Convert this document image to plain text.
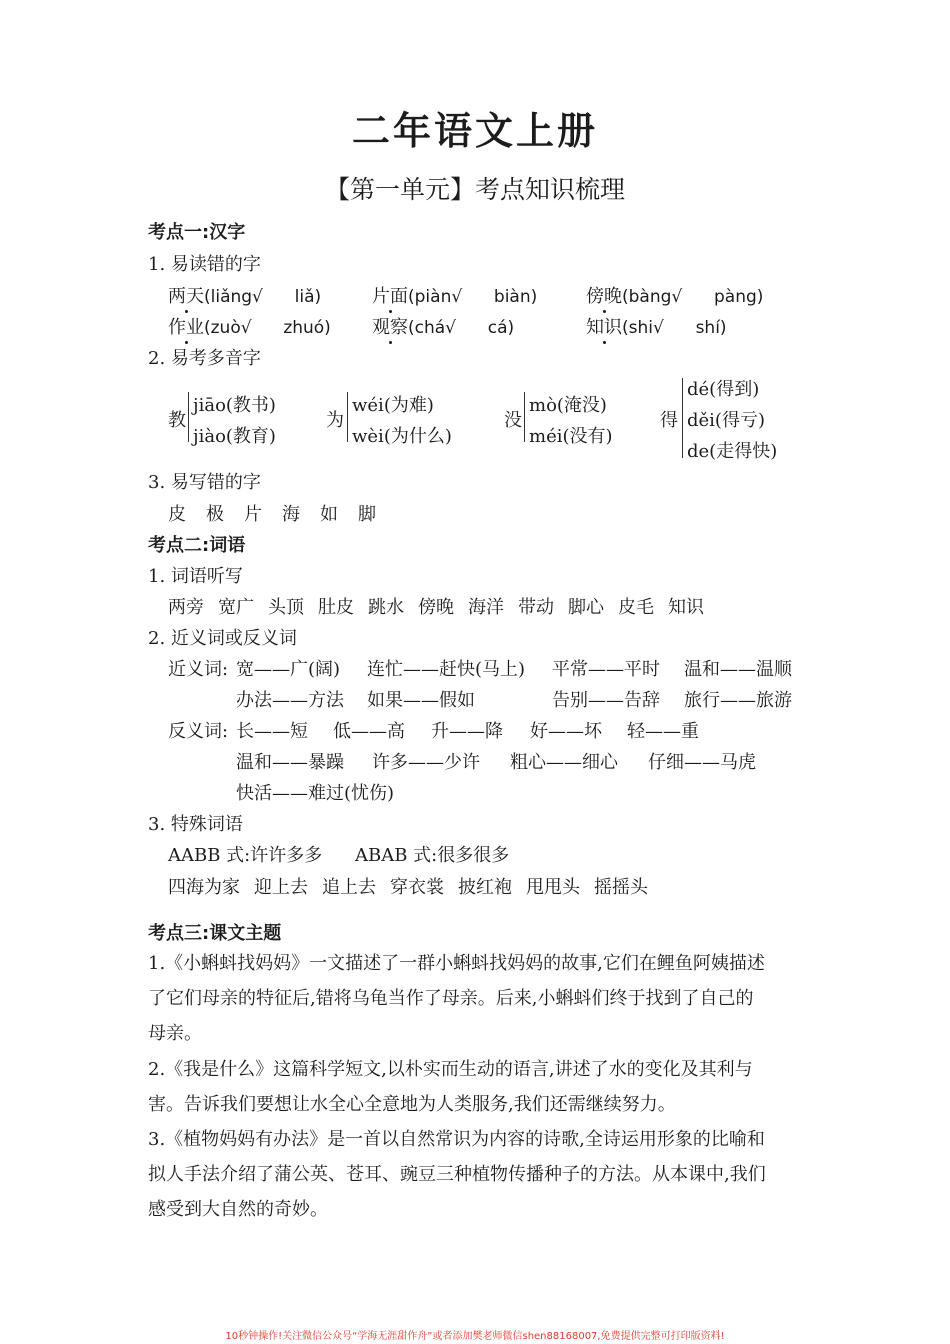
二年语文上册
【第一单元】考点知识梳理
考点一:汉字
1. 易读错的字
两天(liǎng√ liǎ)	片面(piàn√ biàn)	傍晚(bàng√ pàng)
作业(zuò√ zhuó) 观察(chá√ cá)	知识(shi√ shí)
2. 易考多音字
教
jiāo(教书)
jiào(教育)
为
wéi(为难)
wèi(为什么)
没
mò(淹没)
méi(没有)
得
dé(得到)
děi(得亏)
de(走得快)
3. 易写错的字
皮 极 片 海 如 脚
考点二:词语
1. 词语听写
两旁 宽广 头顶 肚皮 跳水 傍晚 海洋 带动 脚心 皮毛 知识
2. 近义词或反义词
近义词: 宽——广(阔) 连忙——赶快(马上) 平常——平时 温和——温顺
办法——方法 如果——假如	告别——告辞 旅行——旅游
反义词: 长——短 低——高 升——降 好——坏 轻——重
温和——暴躁 许多——少许 粗心——细心 仔细——马虎
快活——难过(忧伤)
3. 特殊词语
AABB 式:许许多多 ABAB 式:很多很多
四海为家 迎上去 追上去 穿衣裳 披红袍 甩甩头 摇摇头
考点三:课文主题
1.《小蝌蚪找妈妈》一文描述了一群小蝌蚪找妈妈的故事,它们在鲤鱼阿姨描述了它们母亲的特征后,错将乌龟当作了母亲。后来,小蝌蚪们终于找到了自己的母亲。
2.《我是什么》这篇科学短文,以朴实而生动的语言,讲述了水的变化及其利与害。告诉我们要想让水全心全意地为人类服务,我们还需继续努力。
3.《植物妈妈有办法》是一首以自然常识为内容的诗歌,全诗运用形象的比喻和拟人手法介绍了蒲公英、苍耳、豌豆三种植物传播种子的方法。从本课中,我们感受到大自然的奇妙。
10秒钟操作!关注微信公众号“学海无涯甜作舟”或者添加樊老师微信shen88168007,免费提供完整可打印版资料!
